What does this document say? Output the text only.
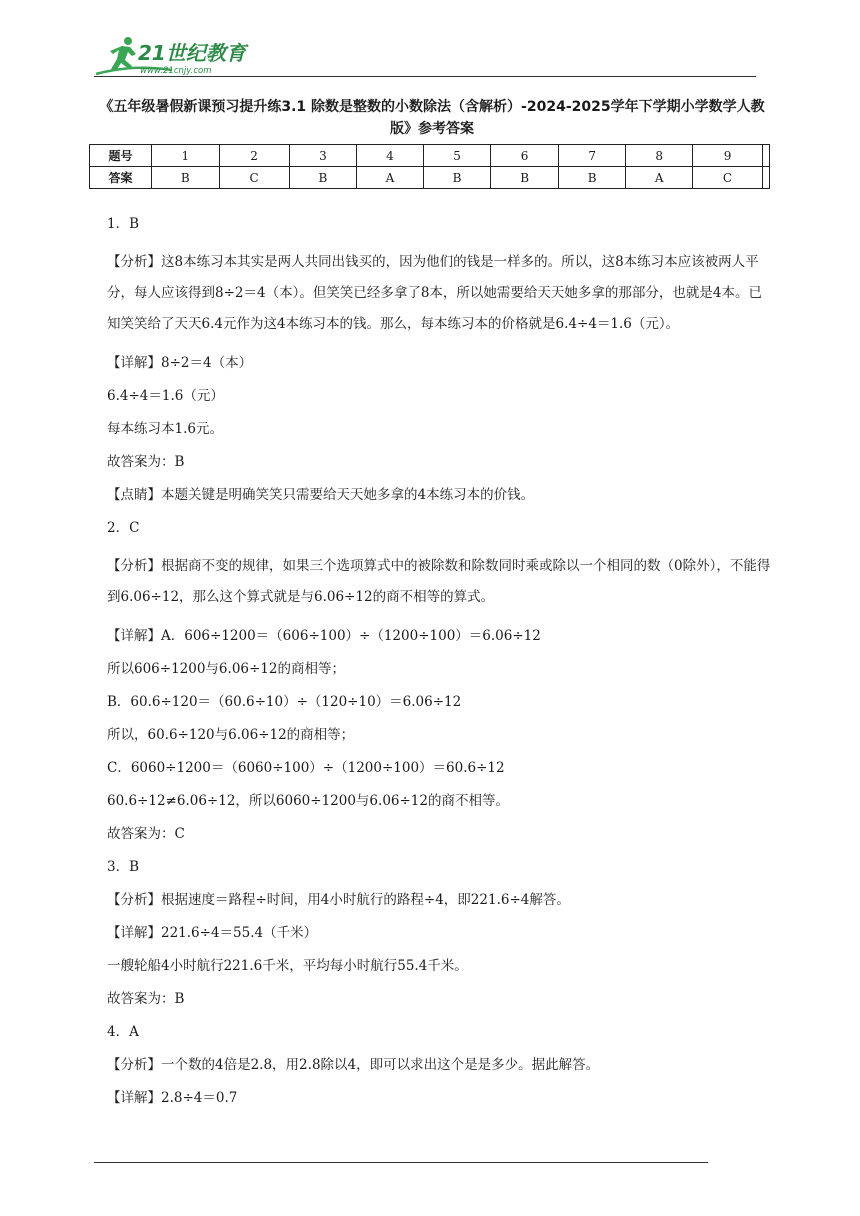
21世纪教育
www.21cnjy.com
《五年级暑假新课预习提升练3.1 除数是整数的小数除法（含解析）-2024-2025学年下学期小学数学人教版》参考答案
题号	1	2	3	4	5	6	7	8	9	
答案	B	C	B	A	B	B	B	A	C	

1．B

【分析】这8本练习本其实是两人共同出钱买的，因为他们的钱是一样多的。所以，这8本练习本应该被两人平分，每人应该得到8÷2＝4（本）。但笑笑已经多拿了8本，所以她需要给天天她多拿的那部分，也就是4本。已知笑笑给了天天6.4元作为这4本练习本的钱。那么，每本练习本的价格就是6.4÷4＝1.6（元）。

【详解】8÷2＝4（本）

6.4÷4＝1.6（元）

每本练习本1.6元。

故答案为：B

【点睛】本题关键是明确笑笑只需要给天天她多拿的4本练习本的价钱。

2．C

【分析】根据商不变的规律，如果三个选项算式中的被除数和除数同时乘或除以一个相同的数（0除外），不能得到6.06÷12，那么这个算式就是与6.06÷12的商不相等的算式。

【详解】A．606÷1200＝（606÷100）÷（1200÷100）＝6.06÷12

所以606÷1200与6.06÷12的商相等；

B．60.6÷120＝（60.6÷10）÷（120÷10）＝6.06÷12

所以，60.6÷120与6.06÷12的商相等；

C．6060÷1200＝（6060÷100）÷（1200÷100）＝60.6÷12

60.6÷12≠6.06÷12，所以6060÷1200与6.06÷12的商不相等。

故答案为：C

3．B

【分析】根据速度＝路程÷时间，用4小时航行的路程÷4，即221.6÷4解答。

【详解】221.6÷4＝55.4（千米）

一艘轮船4小时航行221.6千米，平均每小时航行55.4千米。

故答案为：B

4．A

【分析】一个数的4倍是2.8，用2.8除以4，即可以求出这个是是多少。据此解答。

【详解】2.8÷4＝0.7
